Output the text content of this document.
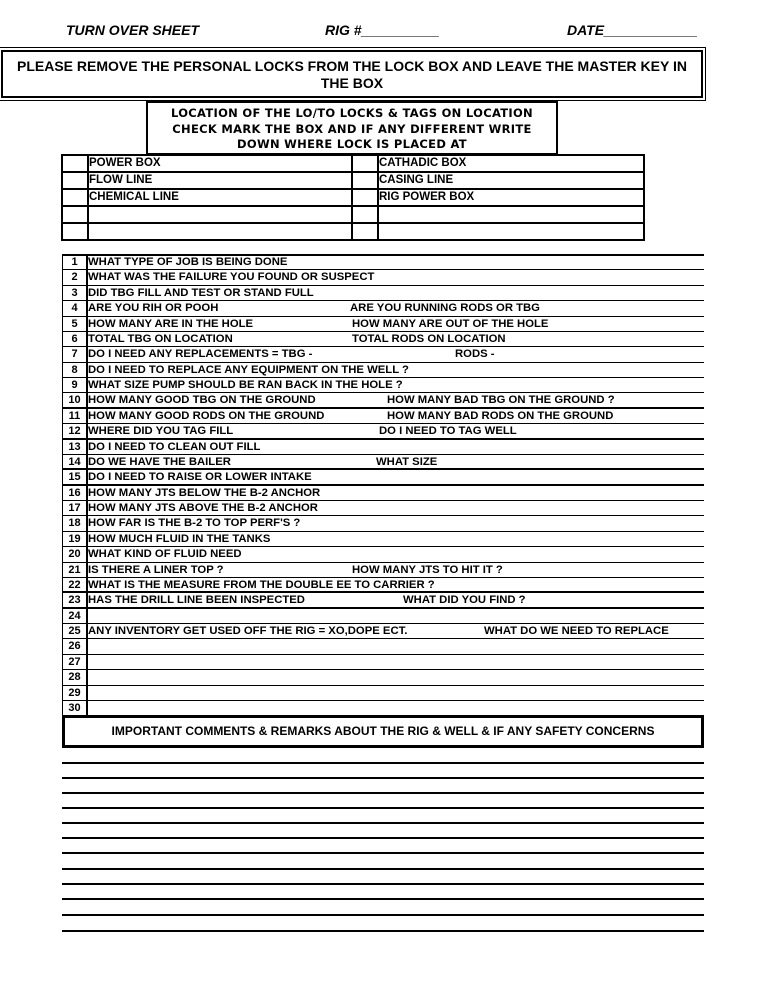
TURN OVER SHEET	RIG #__________	DATE____________
PLEASE REMOVE THE PERSONAL LOCKS FROM THE LOCK BOX AND LEAVE THE MASTER KEY IN THE BOX
LOCATION OF THE LO/TO LOCKS & TAGS ON LOCATION
CHECK MARK THE BOX AND IF ANY DIFFERENT WRITE
DOWN WHERE LOCK IS PLACED AT
POWER BOX	CATHADIC BOX
FLOW LINE	CASING LINE
CHEMICAL LINE	RIG POWER BOX
1 WHAT TYPE OF JOB IS BEING DONE
2 WHAT WAS THE FAILURE YOU FOUND OR SUSPECT
3 DID TBG FILL AND TEST OR STAND FULL
4 ARE YOU RIH OR POOH	ARE YOU RUNNING RODS OR TBG
5 HOW MANY ARE IN THE HOLE	HOW MANY ARE OUT OF THE HOLE
6 TOTAL TBG ON LOCATION	TOTAL RODS ON LOCATION
7 DO I NEED ANY REPLACEMENTS = TBG -	RODS -
8 DO I NEED TO REPLACE ANY EQUIPMENT ON THE WELL ?
9 WHAT SIZE PUMP SHOULD BE RAN BACK IN THE HOLE ?
10 HOW MANY GOOD TBG ON THE GROUND	HOW MANY BAD TBG ON THE GROUND ?
11 HOW MANY GOOD RODS ON THE GROUND	HOW MANY BAD RODS ON THE GROUND
12 WHERE DID YOU TAG FILL	DO I NEED TO TAG WELL
13 DO I NEED TO CLEAN OUT FILL
14 DO WE HAVE THE BAILER	WHAT SIZE
15 DO I NEED TO RAISE OR LOWER INTAKE
16 HOW MANY JTS BELOW THE B-2 ANCHOR
17 HOW MANY JTS ABOVE THE B-2 ANCHOR
18 HOW FAR IS THE B-2 TO TOP PERF'S ?
19 HOW MUCH FLUID IN THE TANKS
20 WHAT KIND OF FLUID NEED
21 IS THERE A LINER TOP ?	HOW MANY JTS TO HIT IT ?
22 WHAT IS THE MEASURE FROM THE DOUBLE EE TO CARRIER ?
23 HAS THE DRILL LINE BEEN INSPECTED	WHAT DID YOU FIND ?
24
25 ANY INVENTORY GET USED OFF THE RIG = XO,DOPE ECT.	WHAT DO WE NEED TO REPLACE
26
27
28
29
30
IMPORTANT COMMENTS & REMARKS ABOUT THE RIG & WELL & IF ANY SAFETY CONCERNS
